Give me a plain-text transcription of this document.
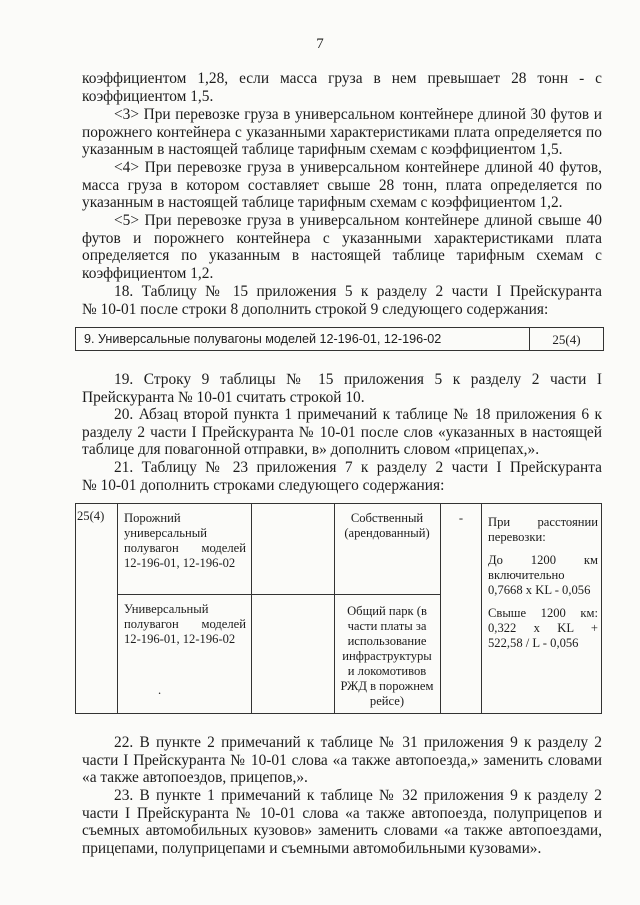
7
коэффициентом 1,28, если масса груза в нем превышает 28 тонн - с
коэффициентом 1,5.
<3> При перевозке груза в универсальном контейнере длиной 30 футов и
порожнего контейнера с указанными характеристиками плата определяется по
указанным в настоящей таблице тарифным схемам с коэффициентом 1,5.
<4> При перевозке груза в универсальном контейнере длиной 40 футов,
масса груза в котором составляет свыше 28 тонн, плата определяется по
указанным в настоящей таблице тарифным схемам с коэффициентом 1,2.
<5> При перевозке груза в универсальном контейнере длиной свыше 40
футов и порожнего контейнера с указанными характеристиками плата
определяется по указанным в настоящей таблице тарифным схемам с
коэффициентом 1,2.
18. Таблицу № 15 приложения 5 к разделу 2 части I Прейскуранта
№ 10-01 после строки 8 дополнить строкой 9 следующего содержания:
9. Универсальные полувагоны моделей 12-196-01, 12-196-02	25(4)
19. Строку 9 таблицы № 15 приложения 5 к разделу 2 части I
Прейскуранта № 10-01 считать строкой 10.
20. Абзац второй пункта 1 примечаний к таблице № 18 приложения 6 к
разделу 2 части I Прейскуранта № 10-01 после слов «указанных в настоящей
таблице для повагонной отправки, в» дополнить словом «прицепах,».
21. Таблицу № 23 приложения 7 к разделу 2 части I Прейскуранта
№ 10-01 дополнить строками следующего содержания:
25(4)	Порожний
универсальный
полувагон моделей
12-196-01, 12-196-02
Собственный
(арендованный)
-
Универсальный
полувагон моделей
12-196-01, 12-196-02
Общий парк (в
части платы за
использование
инфраструктуры
и локомотивов
РЖД в порожнем
рейсе)
При расстоянии
перевозки:
До 1200 км
включительно
0,7668 x KL - 0,056
Свыше 1200 км:
0,322 x KL +
522,58 / L - 0,056
.
22. В пункте 2 примечаний к таблице № 31 приложения 9 к разделу 2
части I Прейскуранта № 10-01 слова «а также автопоезда,» заменить словами
«а также автопоездов, прицепов,».
23. В пункте 1 примечаний к таблице № 32 приложения 9 к разделу 2
части I Прейскуранта № 10-01 слова «а также автопоезда, полуприцепов и
съемных автомобильных кузовов» заменить словами «а также автопоездами,
прицепами, полуприцепами и съемными автомобильными кузовами».
